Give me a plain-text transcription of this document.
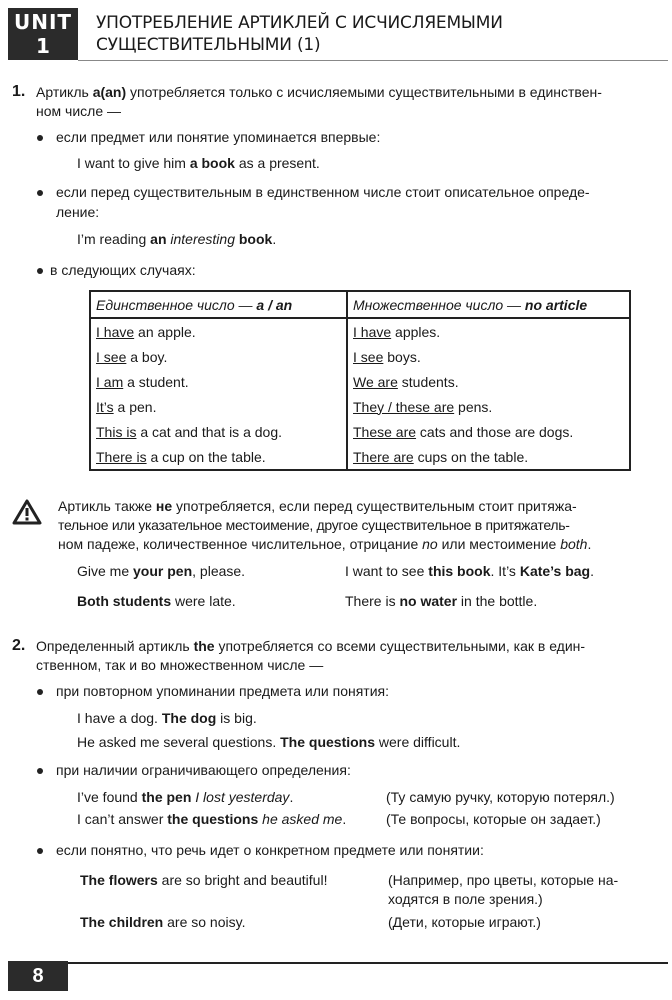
UNIT
1
УПОТРЕБЛЕНИЕ АРТИКЛЕЙ С ИСЧИСЛЯЕМЫМИ
СУЩЕСТВИТЕЛЬНЫМИ (1)
1. Артикль a(an) употребляется только с исчисляемыми существительными в единствен-
ном числе —
если предмет или понятие упоминается впервые:
I want to give him a book as a present.
если перед существительным в единственном числе стоит описательное опреде-
ление:
I’m reading an interesting book.
в следующих случаях:
Единственное число — a / an	Множественное число — no article
I have an apple.	I have apples.
I see a boy.	I see boys.
I am a student.	We are students.
It’s a pen.	They / these are pens.
This is a cat and that is a dog.	These are cats and those are dogs.
There is a cup on the table.	There are cups on the table.
Артикль также не употребляется, если перед существительным стоит притяжа-
тельное или указательное местоимение, другое существительное в притяжатель-
ном падеже, количественное числительное, отрицание no или местоимение both.
Give me your pen, please.	I want to see this book. It’s Kate’s bag.
Both students were late.	There is no water in the bottle.
2. Определенный артикль the употребляется со всеми существительными, как в един-
ственном, так и во множественном числе —
при повторном упоминании предмета или понятия:
I have a dog. The dog is big.
He asked me several questions. The questions were difficult.
при наличии ограничивающего определения:
I’ve found the pen I lost yesterday.	(Ту самую ручку, которую потерял.)
I can’t answer the questions he asked me.	(Те вопросы, которые он задает.)
если понятно, что речь идет о конкретном предмете или понятии:
The flowers are so bright and beautiful!	(Например, про цветы, которые на-
ходятся в поле зрения.)
The children are so noisy.	(Дети, которые играют.)
8
